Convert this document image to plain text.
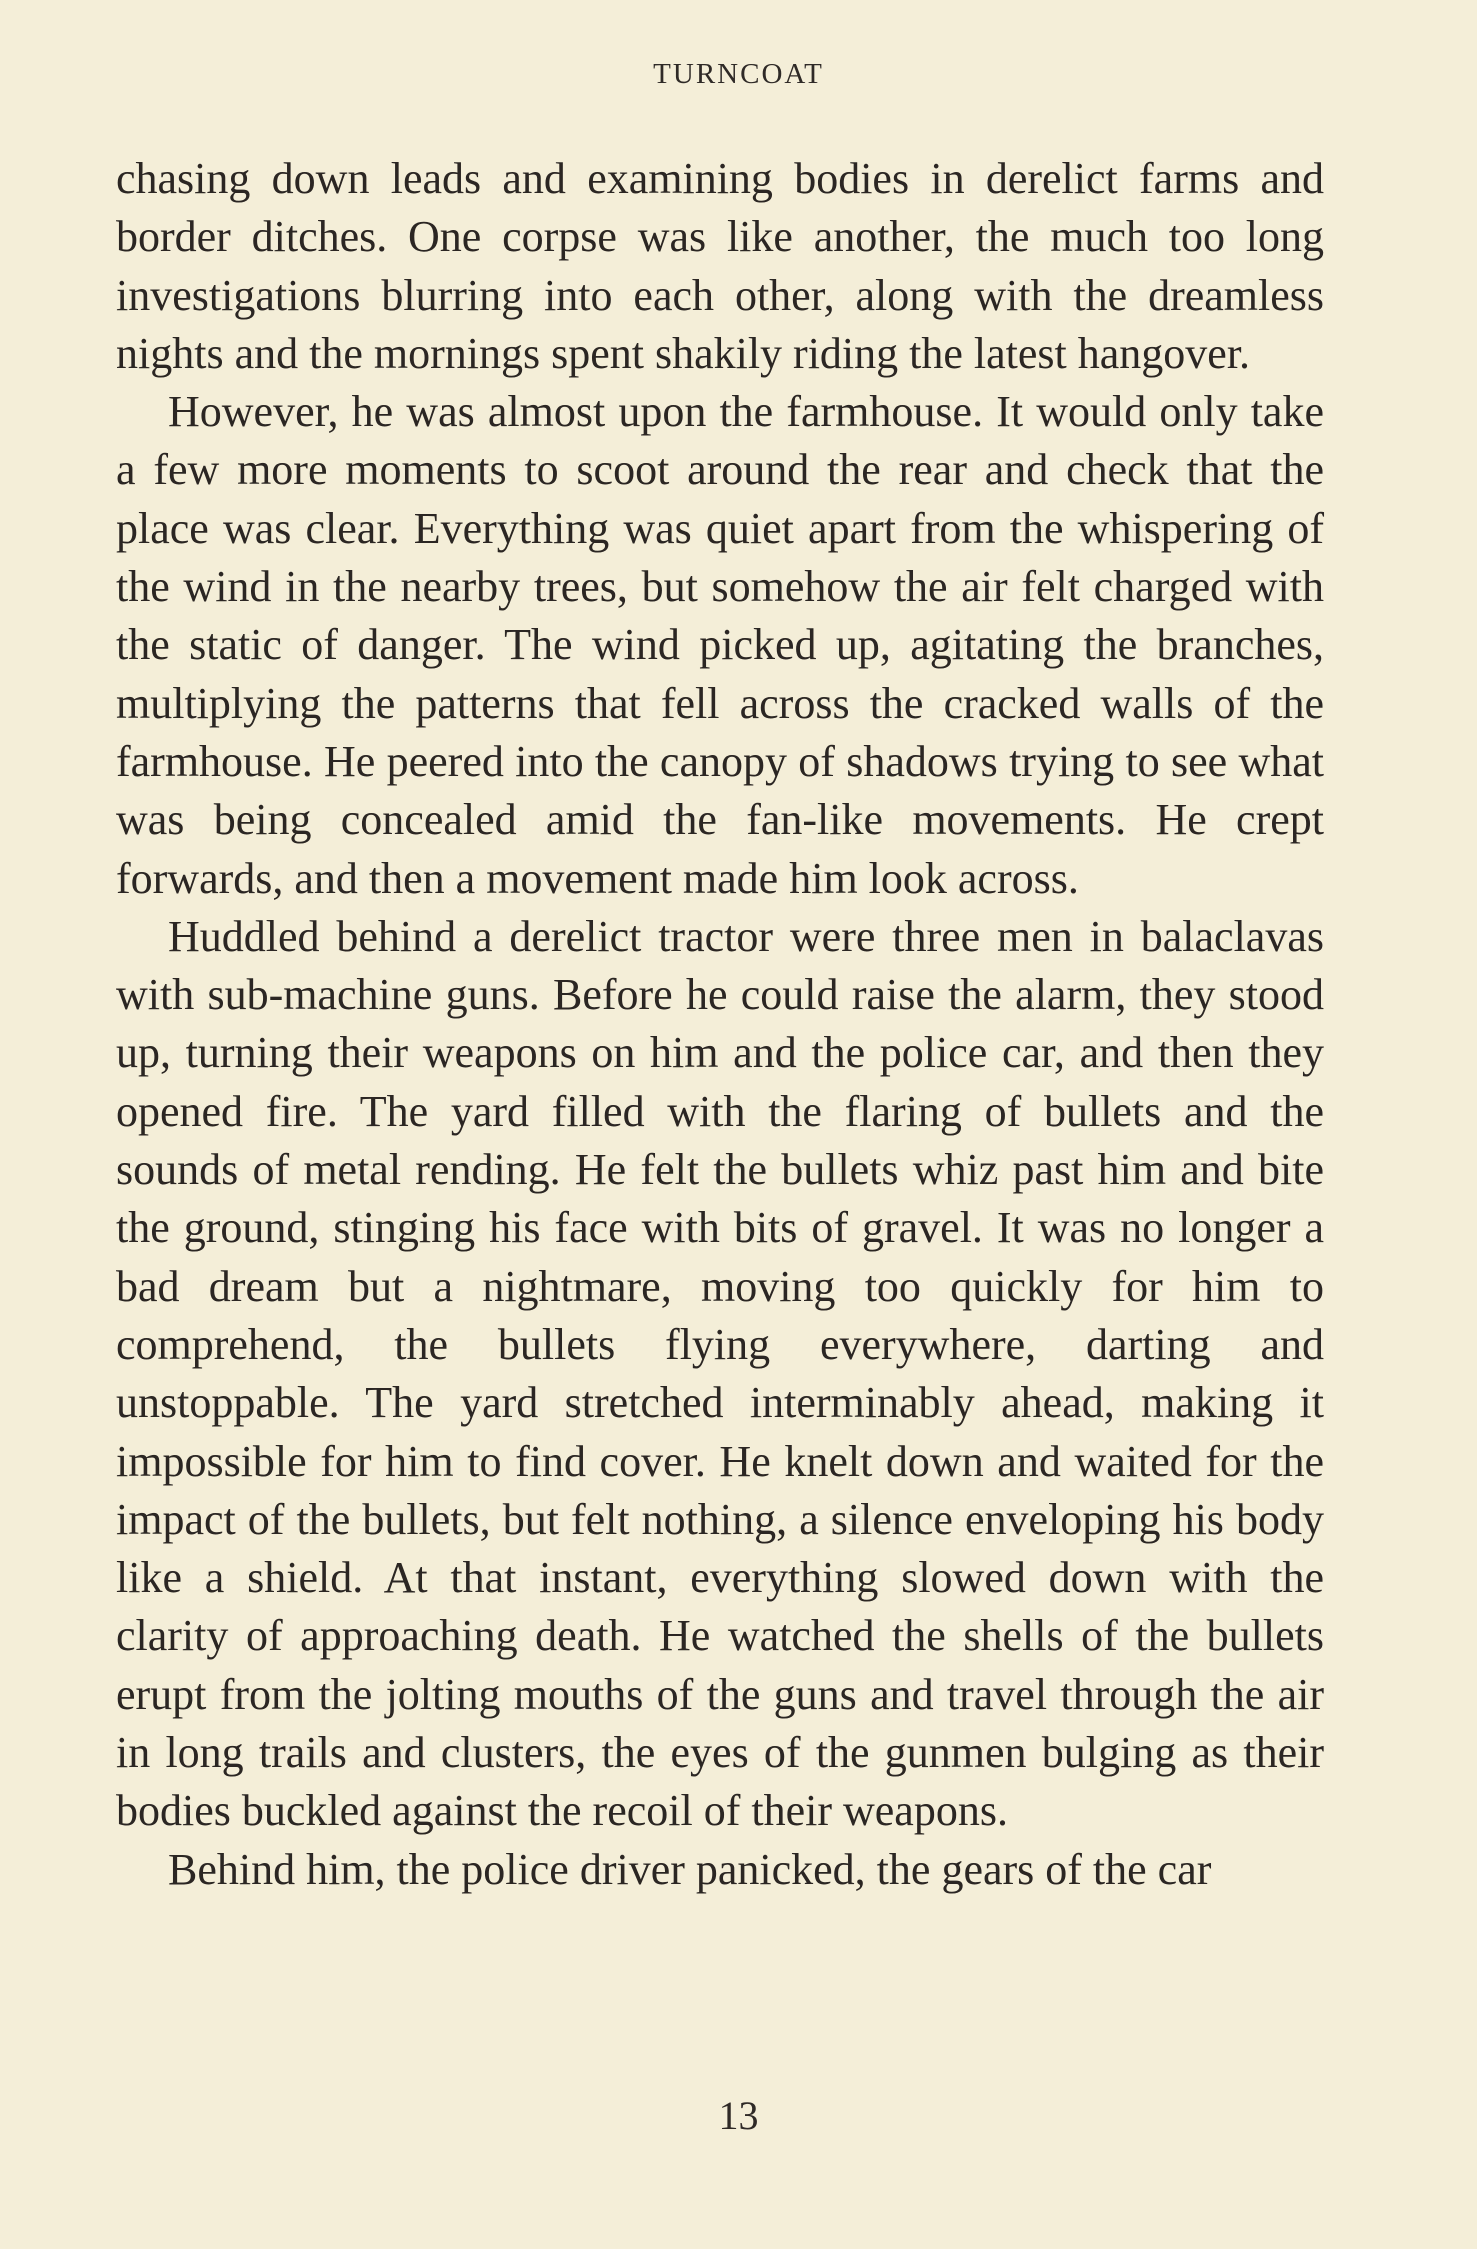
TURNCOAT

chasing down leads and examining bodies in derelict farms and border ditches. One corpse was like another, the much too long investigations blurring into each other, along with the dreamless nights and the mornings spent shakily riding the latest hangover.

However, he was almost upon the farmhouse. It would only take a few more moments to scoot around the rear and check that the place was clear. Everything was quiet apart from the whispering of the wind in the nearby trees, but somehow the air felt charged with the static of danger. The wind picked up, agitating the branches, multiplying the patterns that fell across the cracked walls of the farmhouse. He peered into the canopy of shadows trying to see what was being concealed amid the fan-like movements. He crept forwards, and then a movement made him look across.

Huddled behind a derelict tractor were three men in balaclavas with sub-machine guns. Before he could raise the alarm, they stood up, turning their weapons on him and the police car, and then they opened fire. The yard filled with the flaring of bullets and the sounds of metal rending. He felt the bullets whiz past him and bite the ground, stinging his face with bits of gravel. It was no longer a bad dream but a nightmare, moving too quickly for him to comprehend, the bullets flying everywhere, darting and unstoppable. The yard stretched interminably ahead, making it impossible for him to find cover. He knelt down and waited for the impact of the bullets, but felt nothing, a silence enveloping his body like a shield. At that instant, everything slowed down with the clarity of approaching death. He watched the shells of the bullets erupt from the jolting mouths of the guns and travel through the air in long trails and clusters, the eyes of the gunmen bulging as their bodies buckled against the recoil of their weapons.

Behind him, the police driver panicked, the gears of the car

13
